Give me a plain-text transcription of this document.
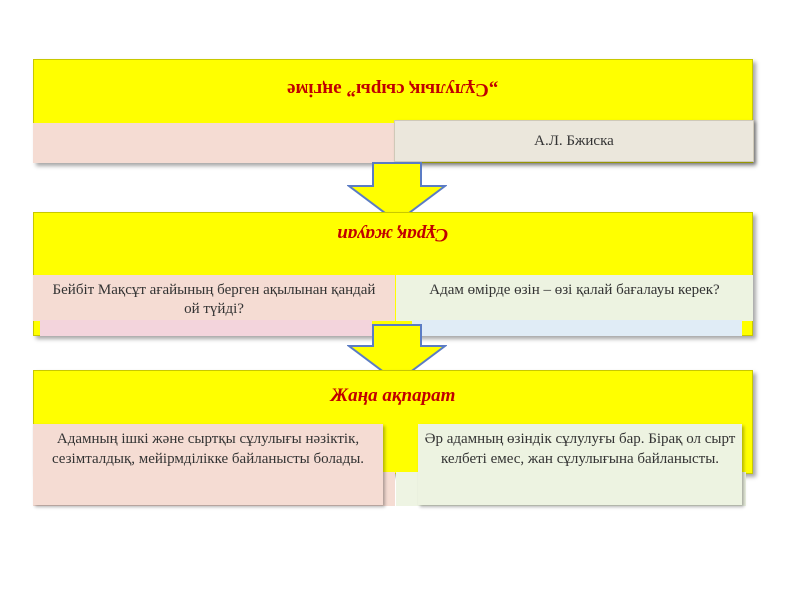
„Сұлулық сыры” әңгіме
А.Л. Бжиска
Сұрақ жауап
Бейбіт Мақсұт ағайының берген ақылынан қандай ой түйді?
Адам өмірде өзін – өзі қалай бағалауы керек?
Жаңа ақпарат
Адамның ішкі және сыртқы сұлулығы нәзіктік, сезімталдық, мейірмділікке байланысты болады.
Әр адамның өзіндік сұлулуғы бар. Бірақ ол сырт келбеті емес, жан сұлулығына байланысты.
